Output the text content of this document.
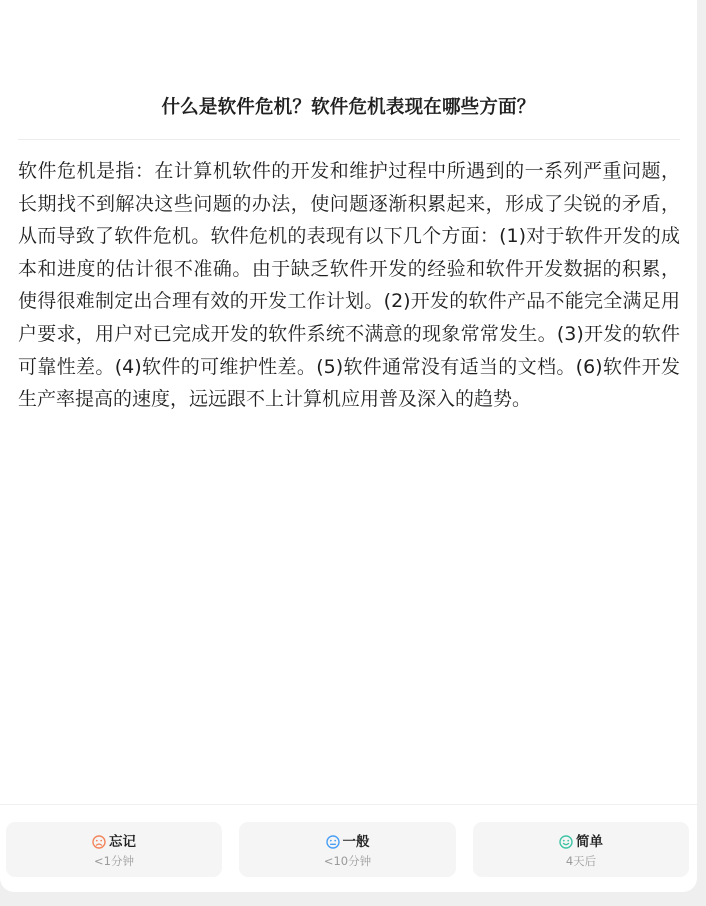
什么是软件危机？软件危机表现在哪些方面？

软件危机是指：在计算机软件的开发和维护过程中所遇到的一系列严重问题，长期找不到解决这些问题的办法，使问题逐渐积累起来，形成了尖锐的矛盾，从而导致了软件危机。软件危机的表现有以下几个方面：(1)对于软件开发的成本和进度的估计很不准确。由于缺乏软件开发的经验和软件开发数据的积累，使得很难制定出合理有效的开发工作计划。(2)开发的软件产品不能完全满足用户要求，用户对已完成开发的软件系统不满意的现象常常发生。(3)开发的软件可靠性差。(4)软件的可维护性差。(5)软件通常没有适当的文档。(6)软件开发生产率提高的速度，远远跟不上计算机应用普及深入的趋势。

忘记
<1分钟
一般
<10分钟
简单
4天后
